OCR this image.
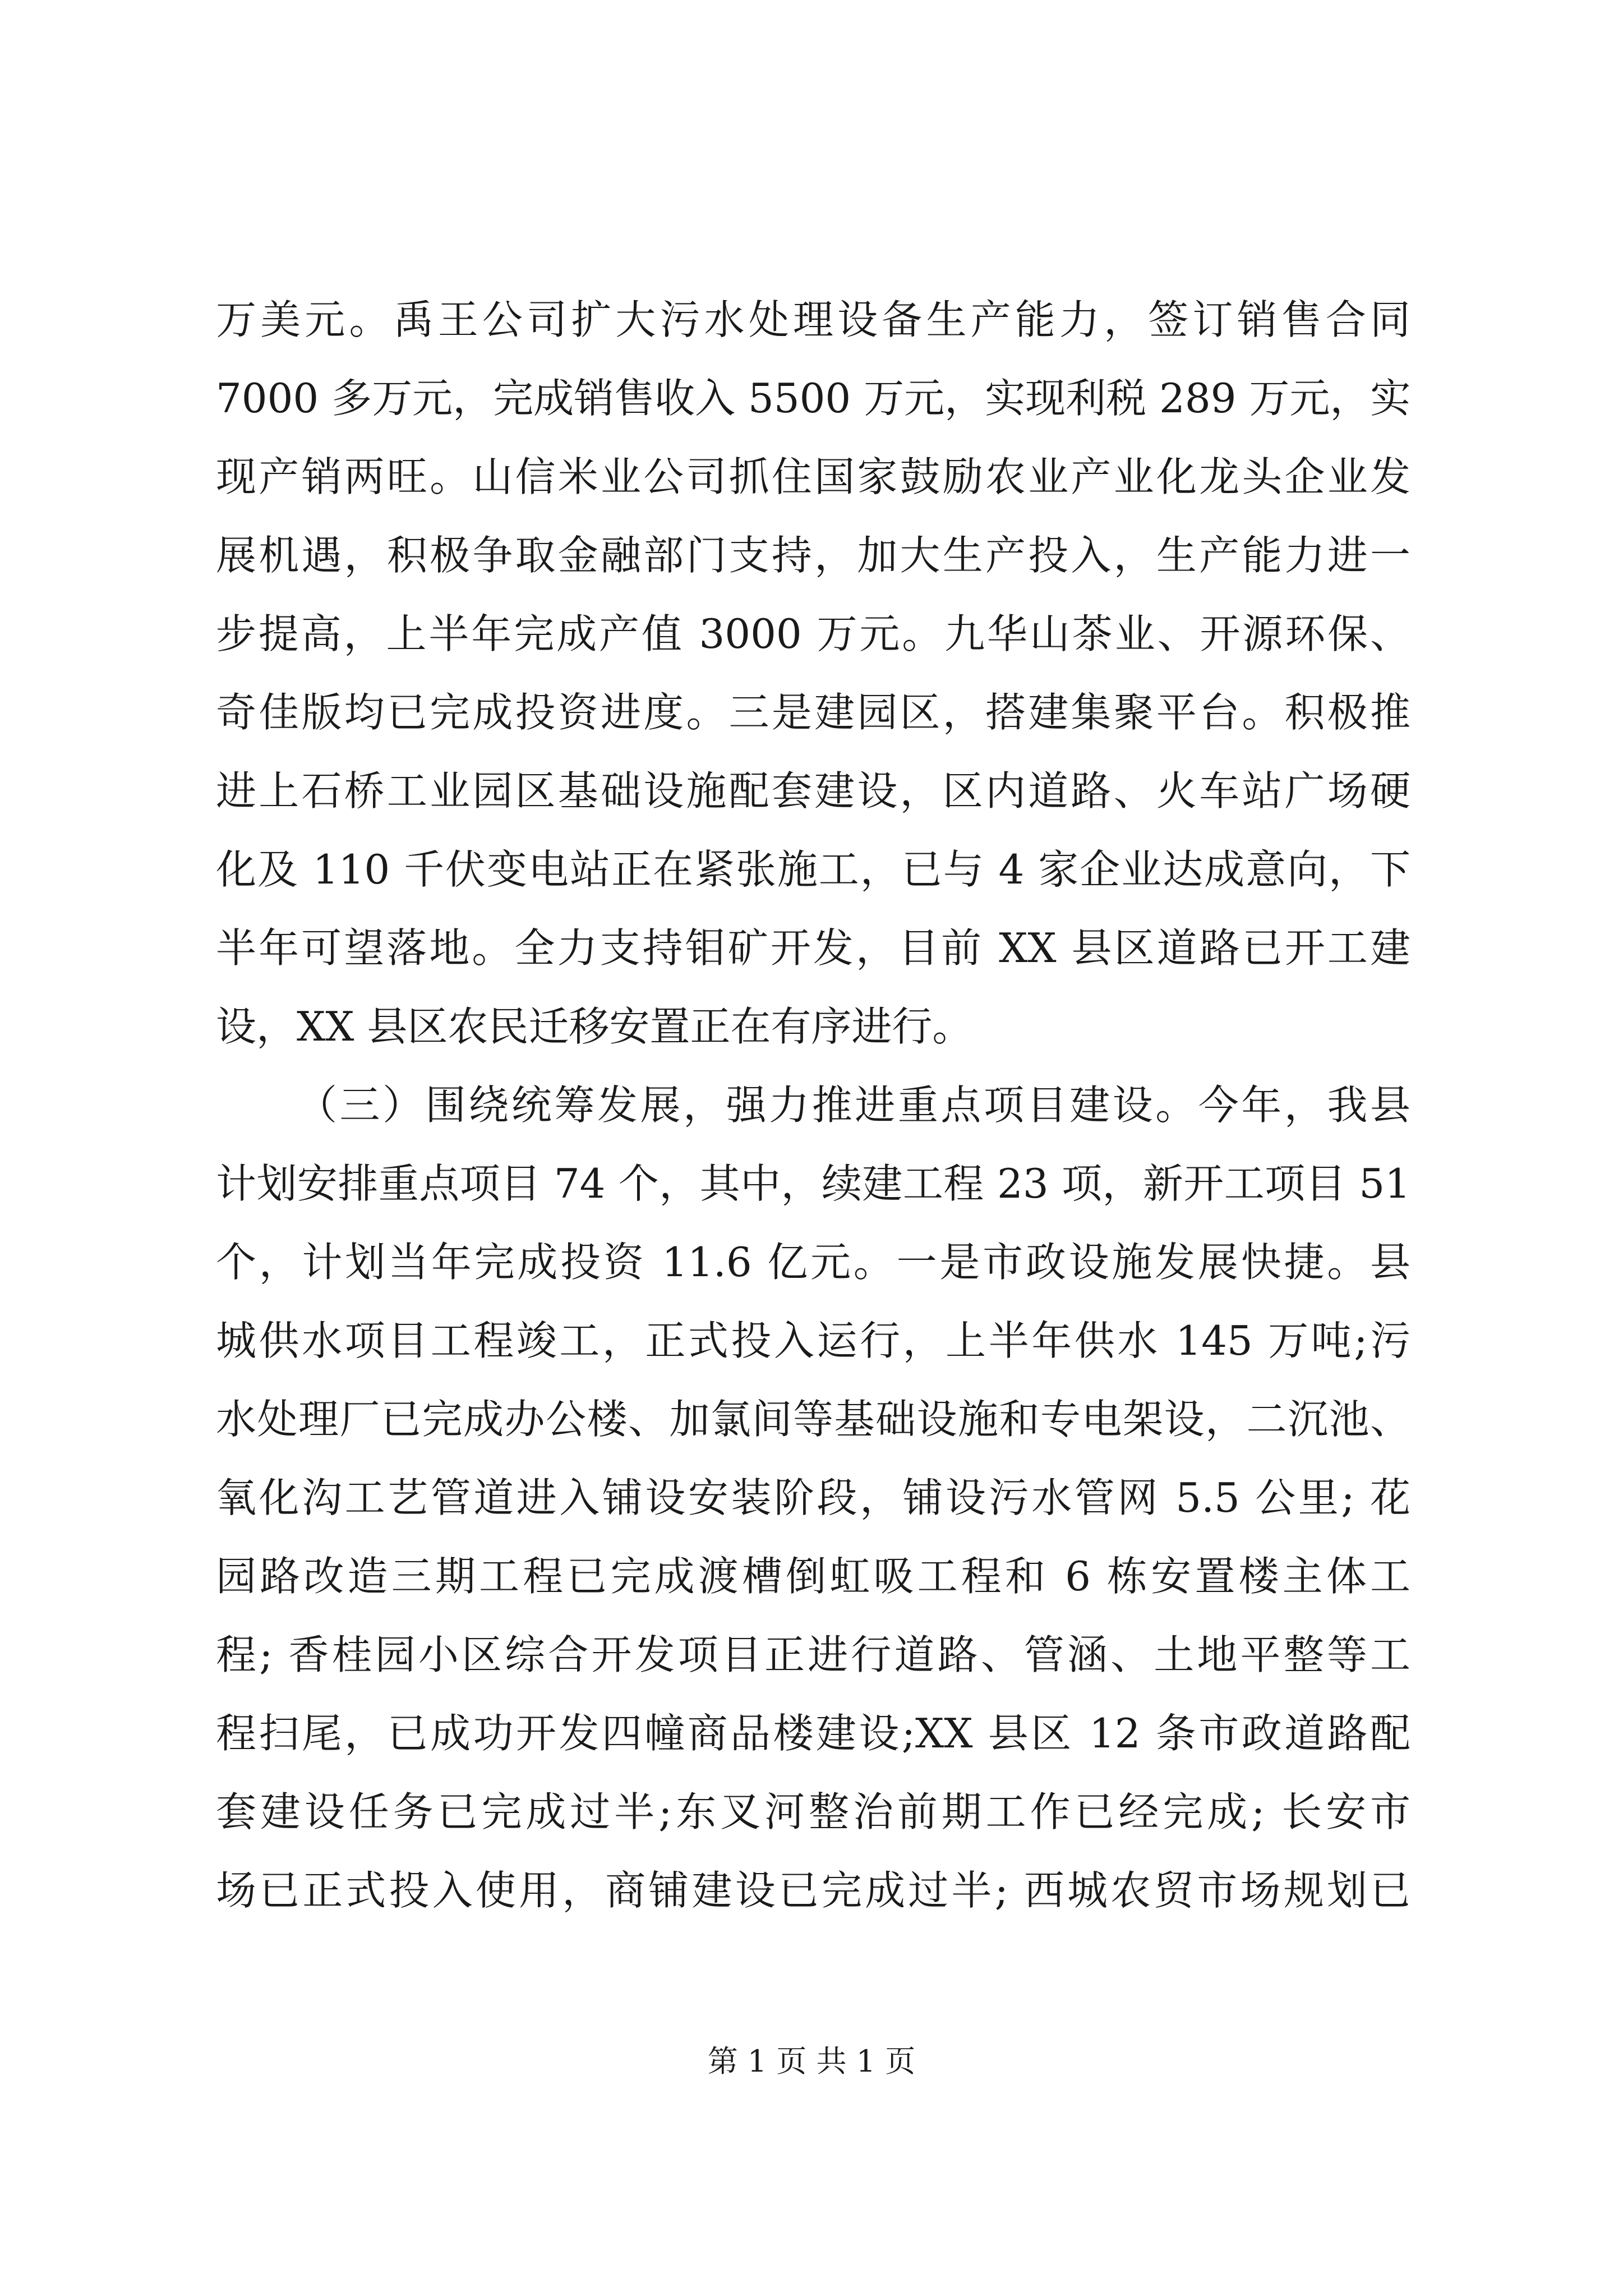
万美元。禹王公司扩大污水处理设备生产能力，签订销售合同
7000 多万元，完成销售收入 5500 万元，实现利税 289 万元，实
现产销两旺。山信米业公司抓住国家鼓励农业产业化龙头企业发
展机遇，积极争取金融部门支持，加大生产投入，生产能力进一
步提高，上半年完成产值 3000 万元。九华山茶业、开源环保、
奇佳版均已完成投资进度。三是建园区，搭建集聚平台。积极推
进上石桥工业园区基础设施配套建设，区内道路、火车站广场硬
化及 110 千伏变电站正在紧张施工，已与 4 家企业达成意向，下
半年可望落地。全力支持钼矿开发，目前 XX 县区道路已开工建
设，XX 县区农民迁移安置正在有序进行。
（三）围绕统筹发展，强力推进重点项目建设。今年，我县
计划安排重点项目 74 个，其中，续建工程 23 项，新开工项目 51
个，计划当年完成投资 11.6 亿元。一是市政设施发展快捷。县
城供水项目工程竣工，正式投入运行，上半年供水 145 万吨;污
水处理厂已完成办公楼、加氯间等基础设施和专电架设，二沉池、
氧化沟工艺管道进入铺设安装阶段，铺设污水管网 5.5 公里; 花
园路改造三期工程已完成渡槽倒虹吸工程和 6 栋安置楼主体工
程; 香桂园小区综合开发项目正进行道路、管涵、土地平整等工
程扫尾，已成功开发四幢商品楼建设;XX 县区 12 条市政道路配
套建设任务已完成过半;东叉河整治前期工作已经完成; 长安市
场已正式投入使用，商铺建设已完成过半; 西城农贸市场规划已
第 1 页 共 1 页
